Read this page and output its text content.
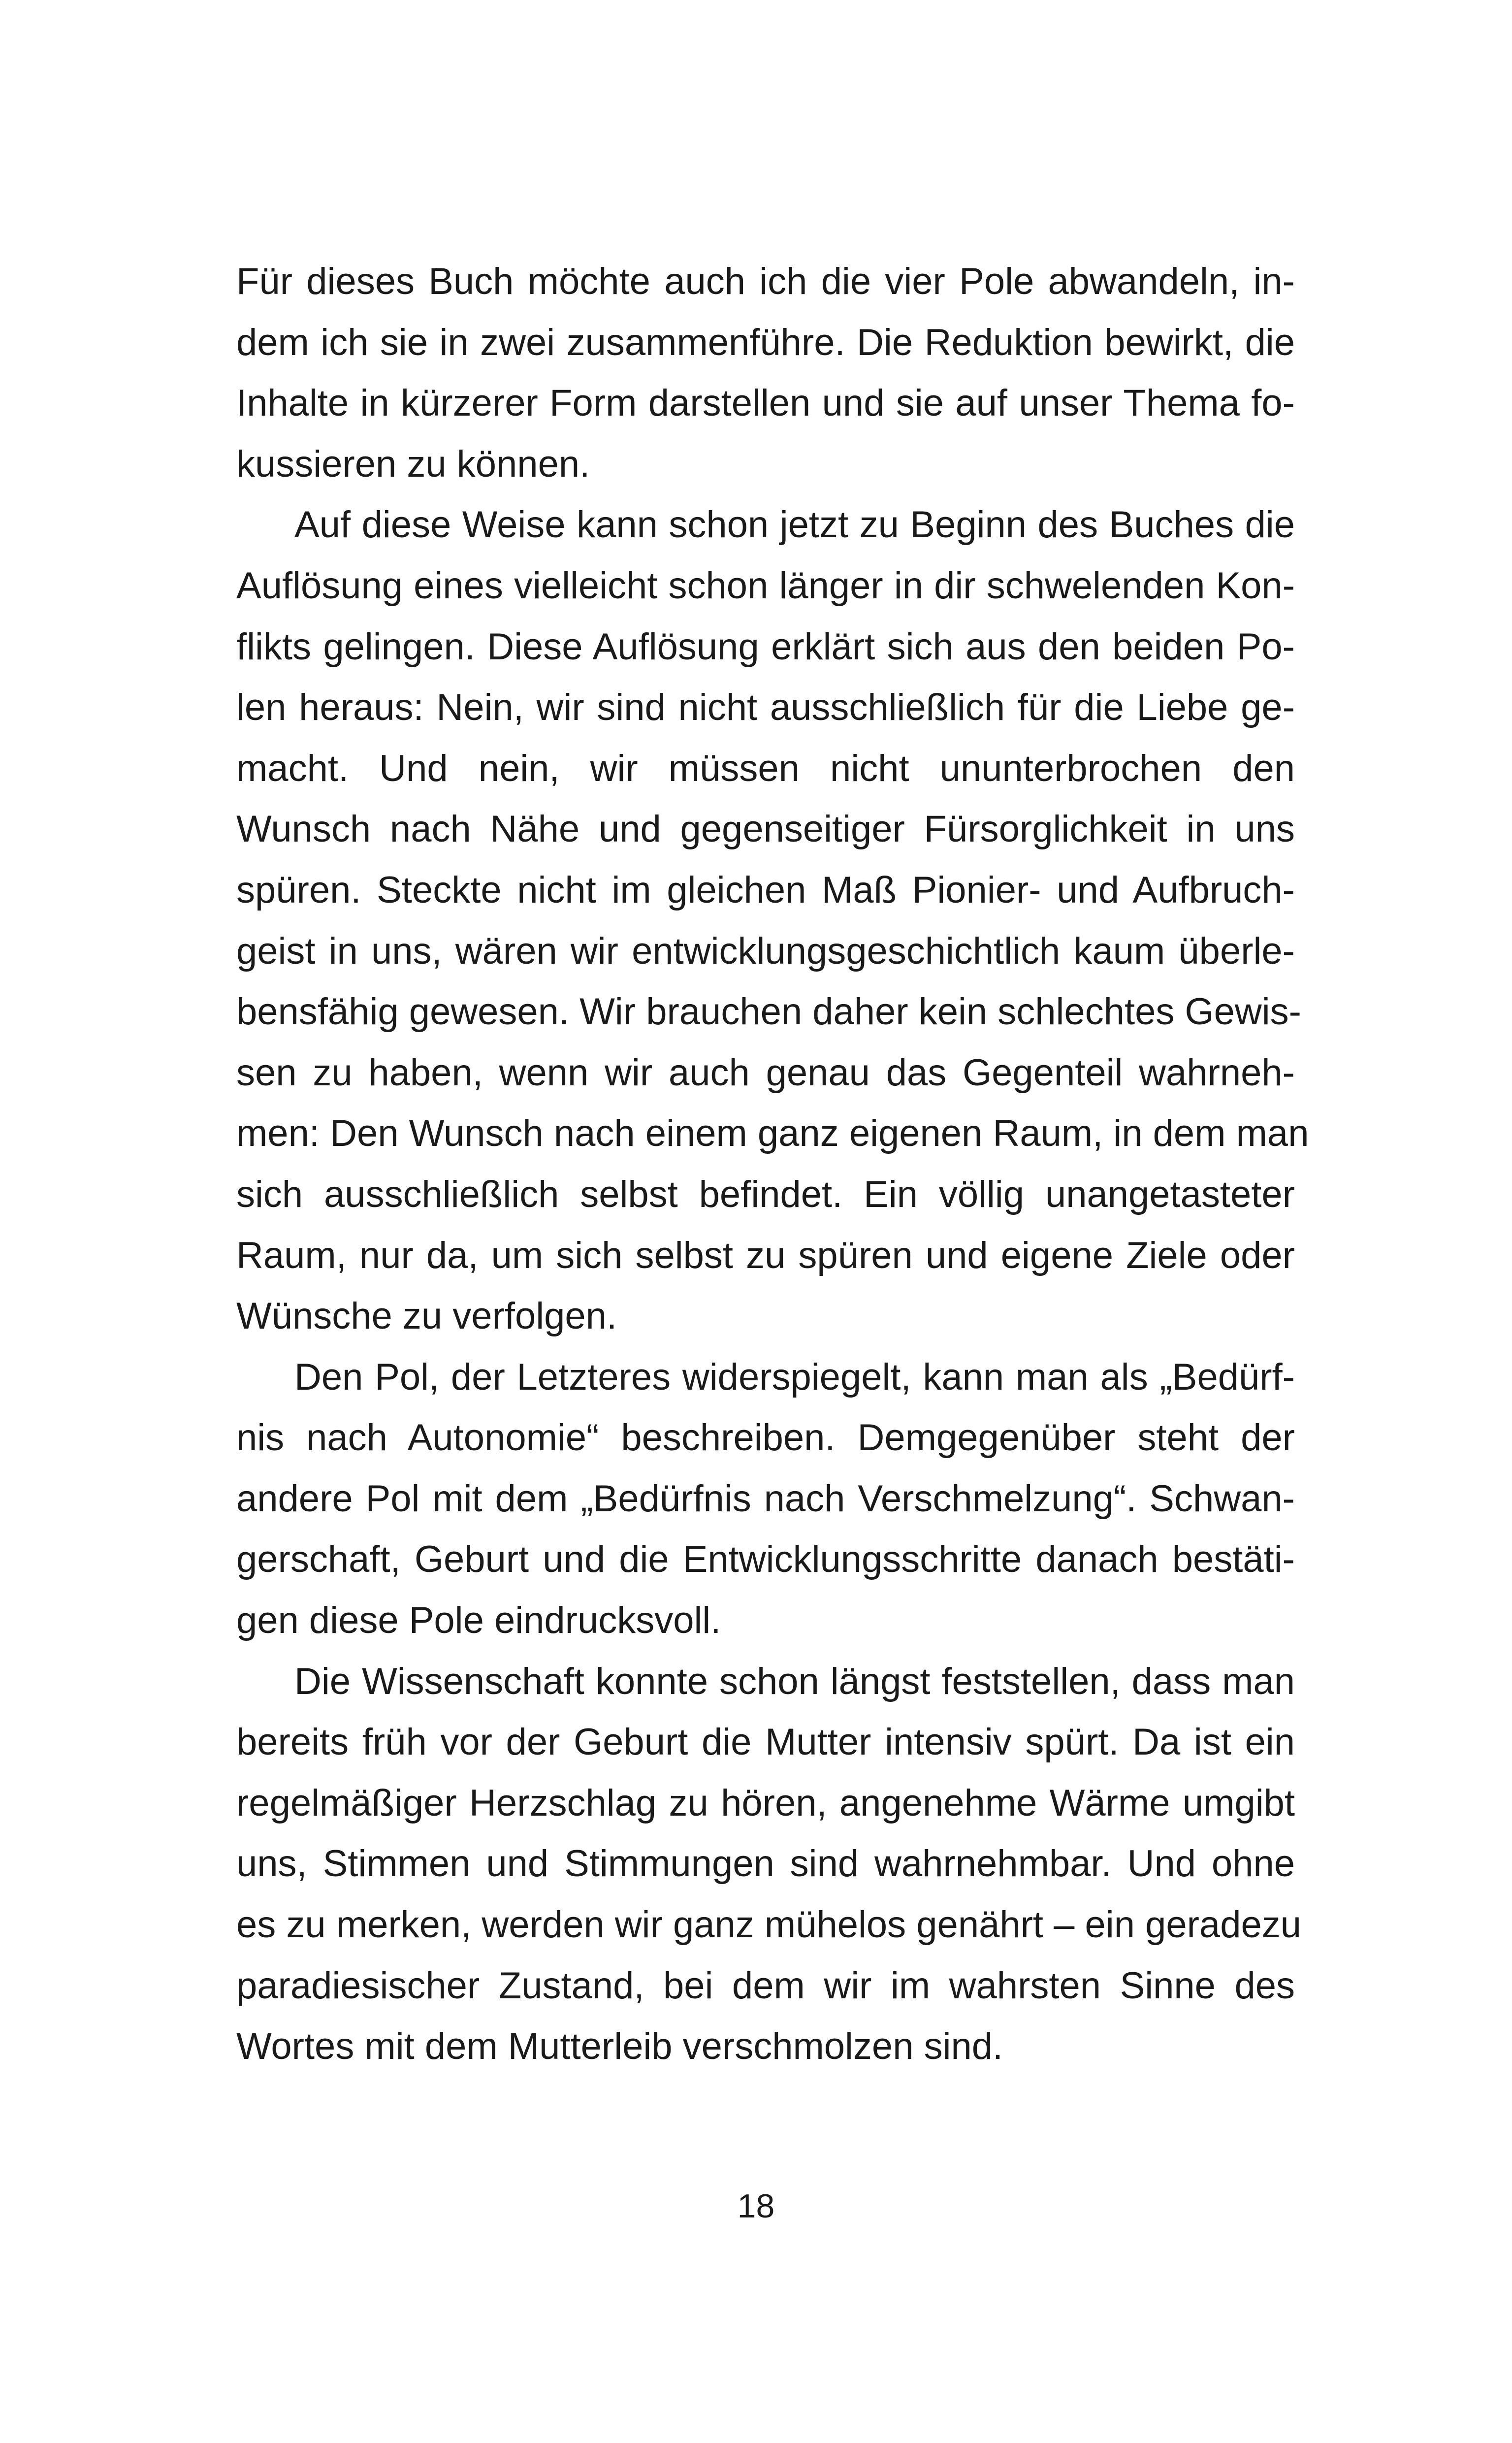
Für dieses Buch möchte auch ich die vier Pole abwandeln, in-
dem ich sie in zwei zusammenführe. Die Reduktion bewirkt, die
Inhalte in kürzerer Form darstellen und sie auf unser Thema fo-
kussieren zu können.
Auf diese Weise kann schon jetzt zu Beginn des Buches die
Auflösung eines vielleicht schon länger in dir schwelenden Kon-
flikts gelingen. Diese Auflösung erklärt sich aus den beiden Po-
len heraus: Nein, wir sind nicht ausschließlich für die Liebe ge-
macht. Und nein, wir müssen nicht ununterbrochen den
Wunsch nach Nähe und gegenseitiger Fürsorglichkeit in uns
spüren. Steckte nicht im gleichen Maß Pionier- und Aufbruch-
geist in uns, wären wir entwicklungsgeschichtlich kaum überle-
bensfähig gewesen. Wir brauchen daher kein schlechtes Gewis-
sen zu haben, wenn wir auch genau das Gegenteil wahrneh-
men: Den Wunsch nach einem ganz eigenen Raum, in dem man
sich ausschließlich selbst befindet. Ein völlig unangetasteter
Raum, nur da, um sich selbst zu spüren und eigene Ziele oder
Wünsche zu verfolgen.
Den Pol, der Letzteres widerspiegelt, kann man als „Bedürf-
nis nach Autonomie“ beschreiben. Demgegenüber steht der
andere Pol mit dem „Bedürfnis nach Verschmelzung“. Schwan-
gerschaft, Geburt und die Entwicklungsschritte danach bestäti-
gen diese Pole eindrucksvoll.
Die Wissenschaft konnte schon längst feststellen, dass man
bereits früh vor der Geburt die Mutter intensiv spürt. Da ist ein
regelmäßiger Herzschlag zu hören, angenehme Wärme umgibt
uns, Stimmen und Stimmungen sind wahrnehmbar. Und ohne
es zu merken, werden wir ganz mühelos genährt – ein geradezu
paradiesischer Zustand, bei dem wir im wahrsten Sinne des
Wortes mit dem Mutterleib verschmolzen sind.
18
